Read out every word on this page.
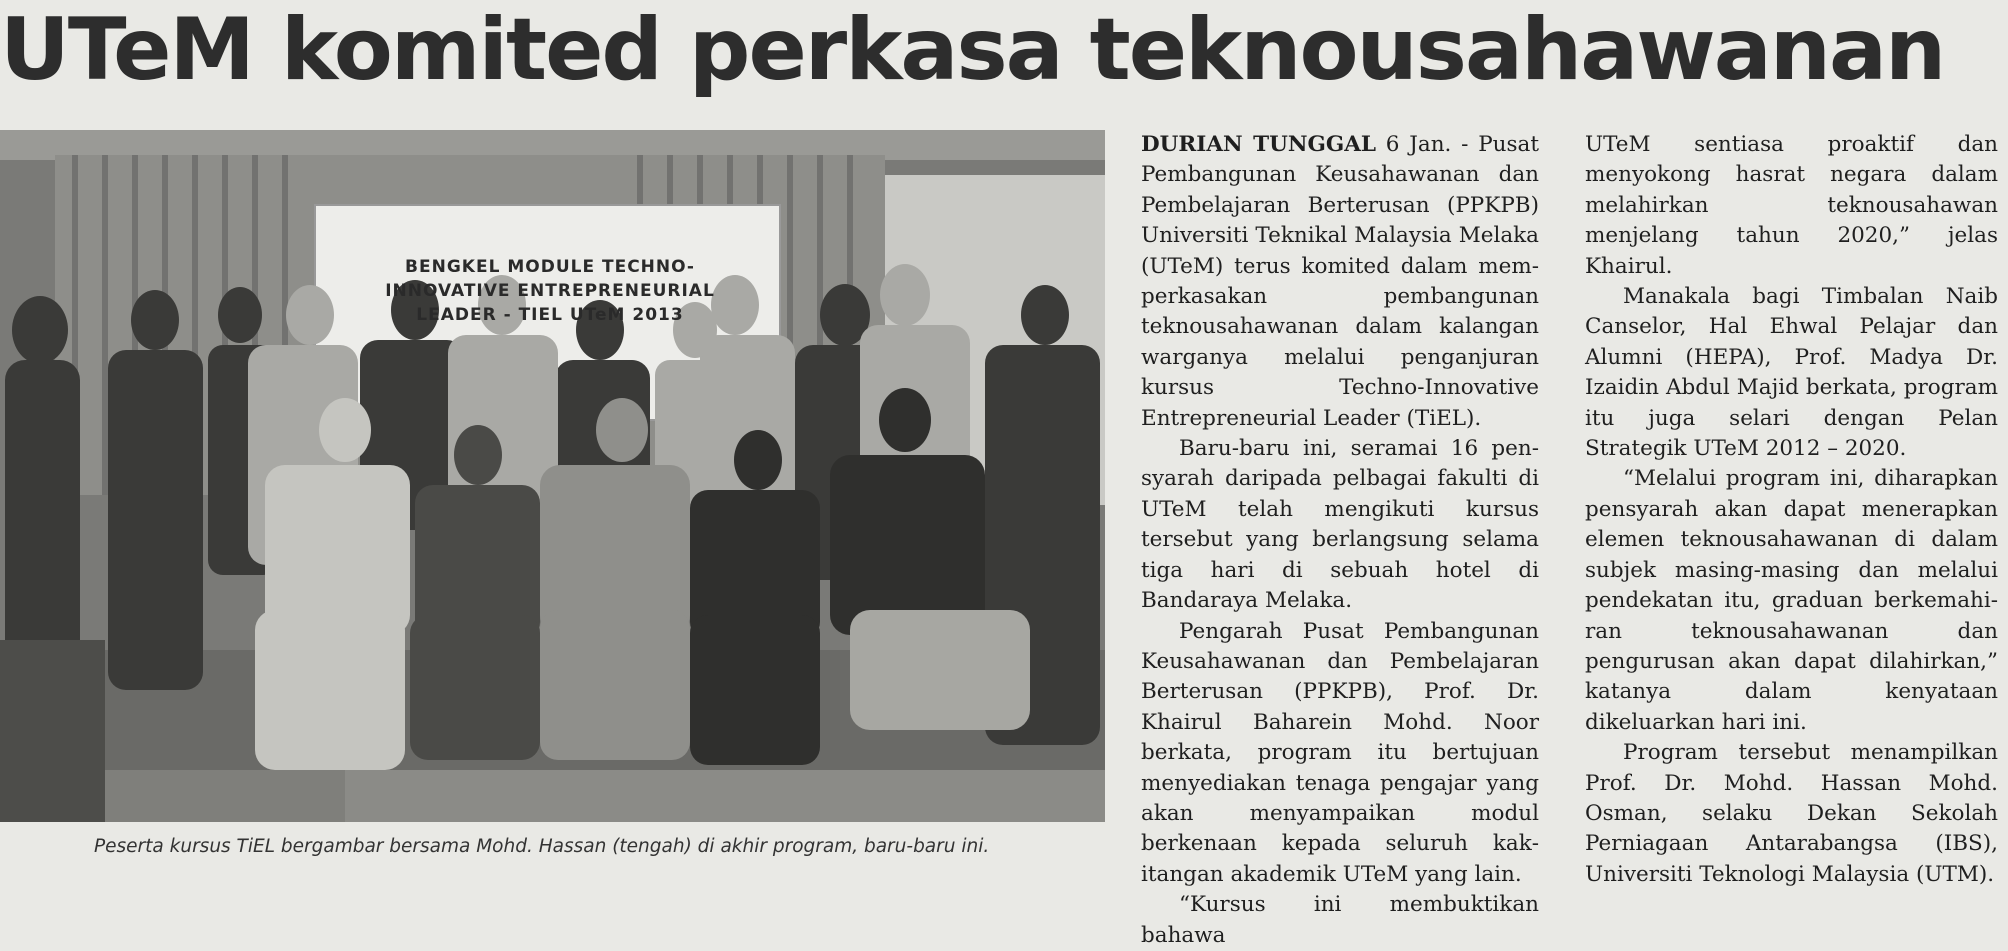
UTeM komited perkasa teknousahawanan
BENGKEL MODULE TECHNO-INNOVATIVE ENTREPRENEURIAL LEADER - TIEL UTeM 2013
Peserta kursus TiEL bergambar bersama Mohd. Hassan (tengah) di akhir program, baru-baru ini.

DURIAN TUNGGAL 6 Jan. - Pusat Pembangunan Keusahawanan dan Pembelajaran Berterusan (PPKPB) Universiti Teknikal Malaysia Melaka (UTeM) terus komited dalam memperkasakan pembangunan teknousahawanan dalam kalangan warganya melalui penganjuran kursus Techno-Innovative Entrepreneurial Leader (TiEL).

Baru-baru ini, seramai 16 pensyarah daripada pelbagai fakulti di UTeM telah mengikuti kursus tersebut yang berlangsung selama tiga hari di sebuah hotel di Bandaraya Melaka.

Pengarah Pusat Pembangunan Keusahawanan dan Pembelajaran Berterusan (PPKPB), Prof. Dr. Khairul Baharein Mohd. Noor berkata, program itu bertujuan menyediakan tenaga pengajar yang akan menyampaikan modul berkenaan kepada seluruh kakitangan akademik UTeM yang lain.

“Kursus ini membuktikan bahawa

UTeM sentiasa proaktif dan menyokong hasrat negara dalam melahirkan teknousahawan menjelang tahun 2020,” jelas Khairul.

Manakala bagi Timbalan Naib Canselor, Hal Ehwal Pelajar dan Alumni (HEPA), Prof. Madya Dr. Izaidin Abdul Majid berkata, program itu juga selari dengan Pelan Strategik UTeM 2012 – 2020.

“Melalui program ini, diharapkan pensyarah akan dapat menerapkan elemen teknousahawanan di dalam subjek masing-masing dan melalui pendekatan itu, graduan berkemahiran teknousahawanan dan pengurusan akan dapat dilahirkan,” katanya dalam kenyataan dikeluarkan hari ini.

Program tersebut menampilkan Prof. Dr. Mohd. Hassan Mohd. Osman, selaku Dekan Sekolah Perniagaan Antarabangsa (IBS), Universiti Teknologi Malaysia (UTM).
